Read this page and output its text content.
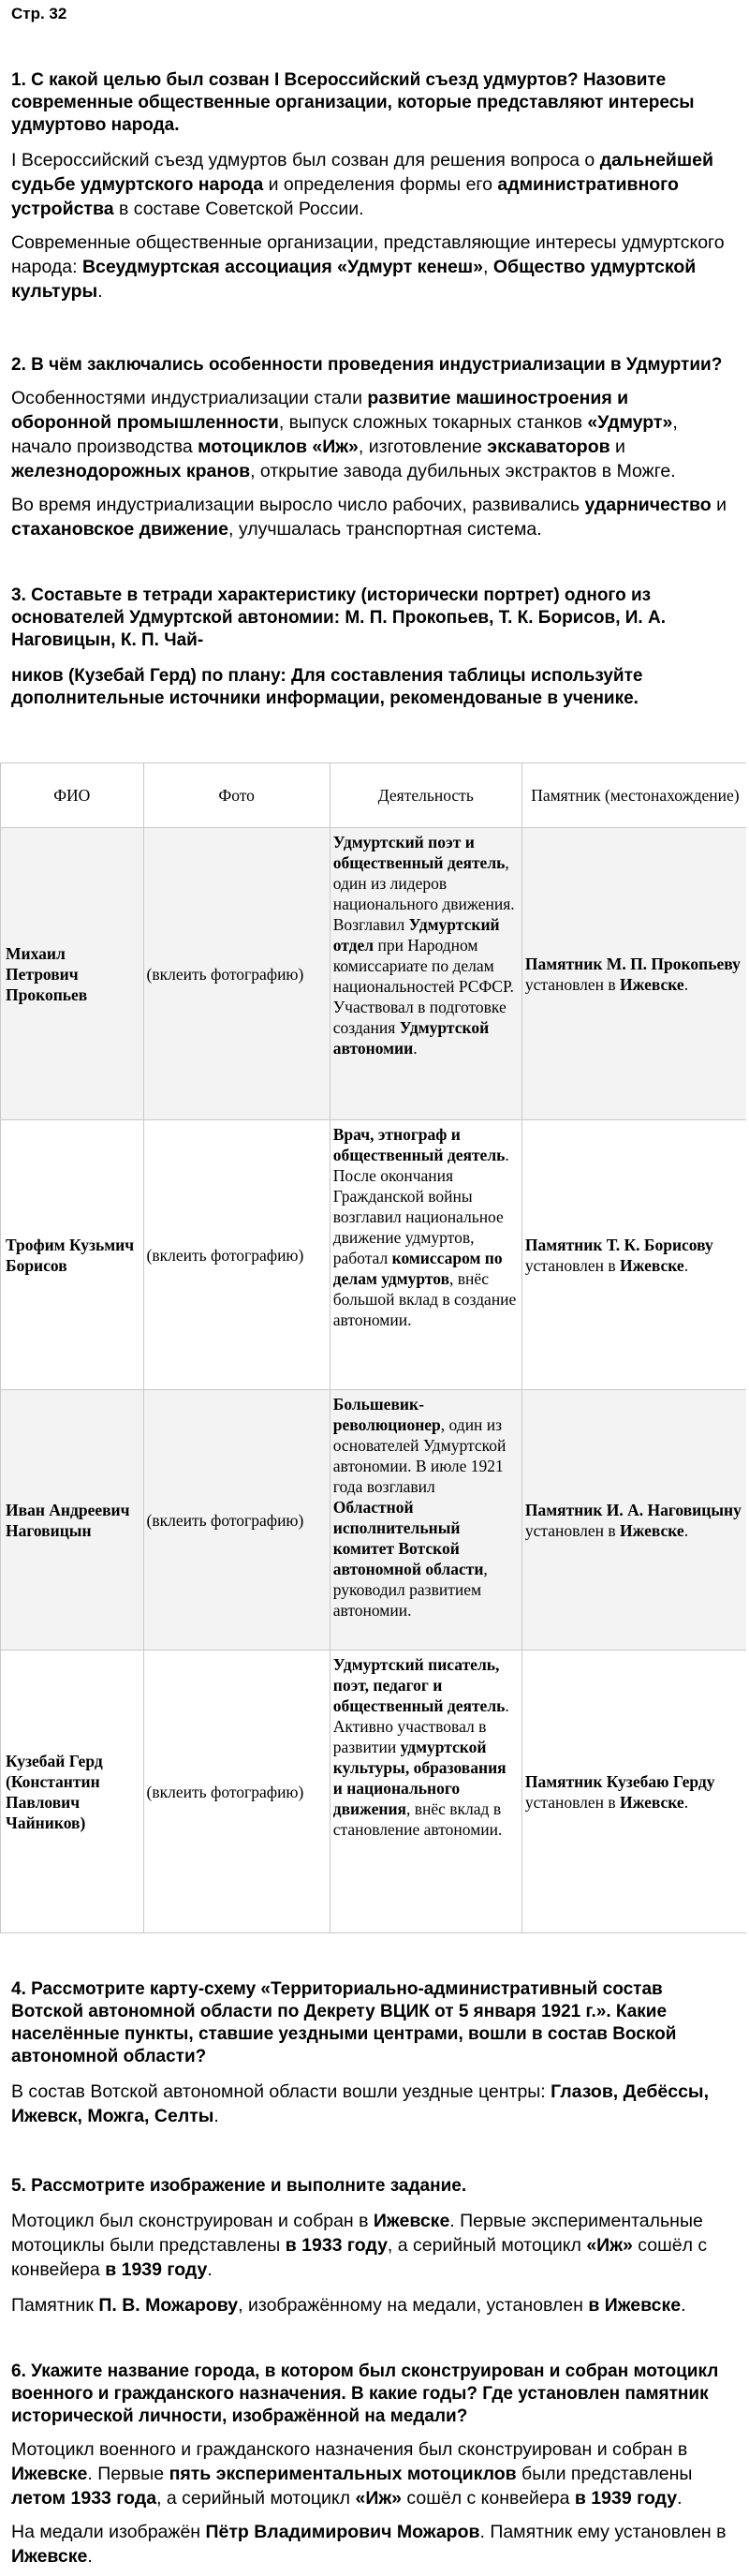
Стр. 32
1. С какой целью был созван I Всероссийский съезд удмуртов? Назовите современные общественные организации, которые представляют интересы удмуртово народа.

I Всероссийский съезд удмуртов был созван для решения вопроса о дальнейшей судьбе удмуртского народа и определения формы его административного устройства в составе Советской России.

Современные общественные организации, представляющие интересы удмуртского народа: Всеудмуртская ассоциация «Удмурт кенеш», Общество удмуртской культуры.

2. В чём заключались особенности проведения индустриализации в Удмуртии?

Особенностями индустриализации стали развитие машиностроения и оборонной промышленности, выпуск сложных токарных станков «Удмурт», начало производства мотоциклов «Иж», изготовление экскаваторов и железнодорожных кранов, открытие завода дубильных экстрактов в Можге.

Во время индустриализации выросло число рабочих, развивались ударничество и стахановское движение, улучшалась транспортная система.

3. Составьте в тетради характеристику (исторически портрет) одного из основателей Удмуртской автономии: М. П. Прокопьев, Т. К. Борисов, И. А. Наговицын, К. П. Чай-
ников (Кузебай Герд) по плану: Для составления таблицы используйте дополнительные источники информации, рекомендованые в ученике.
ФИО	Фото	Деятельность	Памятник (местонахождение)
Михаил Петрович Прокопьев	(вклеить фотографию)	Удмуртский поэт и общественный деятель, один из лидеров национального движения. Возглавил Удмуртский отдел при Народном комиссариате по делам национальностей РСФСР. Участвовал в подготовке создания Удмуртской автономии.	Памятник М. П. Прокопьеву установлен в Ижевске.
Трофим Кузьмич Борисов	(вклеить фотографию)	Врач, этнограф и общественный деятель. После окончания Гражданской войны возглавил национальное движение удмуртов, работал комиссаром по делам удмуртов, внёс большой вклад в создание автономии.	Памятник Т. К. Борисову установлен в Ижевске.
Иван Андреевич Наговицын	(вклеить фотографию)	Большевик-революционер, один из основателей Удмуртской автономии. В июле 1921 года возглавил Областной исполнительный комитет Вотской автономной области, руководил развитием автономии.	Памятник И. А. Наговицыну установлен в Ижевске.
Кузебай Герд (Константин Павлович Чайников)	(вклеить фотографию)	Удмуртский писатель, поэт, педагог и общественный деятель. Активно участвовал в развитии удмуртской культуры, образования и национального движения, внёс вклад в становление автономии.	Памятник Кузебаю Герду установлен в Ижевске.
4. Рассмотрите карту-схему «Территориально-административный состав Вотской автономной области по Декрету ВЦИК от 5 января 1921 г.». Какие населённые пункты, ставшие уездными центрами, вошли в состав Воской автономной области?

В состав Вотской автономной области вошли уездные центры: Глазов, Дебёссы, Ижевск, Можга, Селты.

5. Рассмотрите изображение и выполните задание.

Мотоцикл был сконструирован и собран в Ижевске. Первые экспериментальные мотоциклы были представлены в 1933 году, а серийный мотоцикл «Иж» сошёл с конвейера в 1939 году.

Памятник П. В. Можарову, изображённому на медали, установлен в Ижевске.

6. Укажите название города, в котором был сконструирован и собран мотоцикл военного и гражданского назначения. В какие годы? Где установлен памятник исторической личности, изображённой на медали?

Мотоцикл военного и гражданского назначения был сконструирован и собран в Ижевске. Первые пять экспериментальных мотоциклов были представлены летом 1933 года, а серийный мотоцикл «Иж» сошёл с конвейера в 1939 году.

На медали изображён Пётр Владимирович Можаров. Памятник ему установлен в Ижевске.
